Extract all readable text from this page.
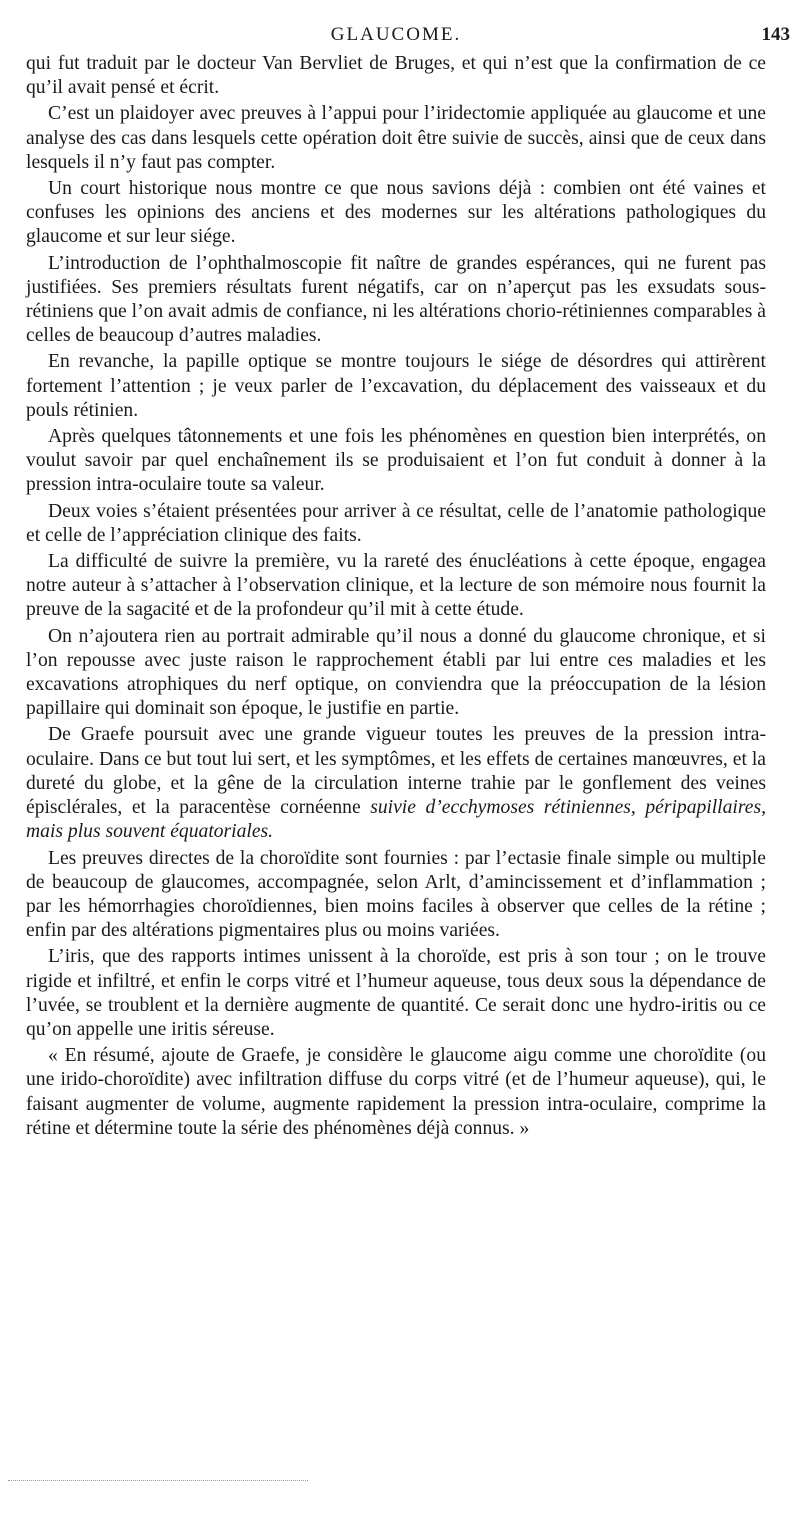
GLAUCOME.	143

qui fut traduit par le docteur Van Bervliet de Bruges, et qui n’est que la confirmation de ce qu’il avait pensé et écrit.

C’est un plaidoyer avec preuves à l’appui pour l’iridectomie appliquée au glaucome et une analyse des cas dans lesquels cette opération doit être suivie de succès, ainsi que de ceux dans lesquels il n’y faut pas compter.

Un court historique nous montre ce que nous savions déjà : combien ont été vaines et confuses les opinions des anciens et des modernes sur les altérations pathologiques du glaucome et sur leur siége.

L’introduction de l’ophthalmoscopie fit naître de grandes espérances, qui ne furent pas justifiées. Ses premiers résultats furent négatifs, car on n’aperçut pas les exsudats sous-rétiniens que l’on avait admis de confiance, ni les altérations chorio-rétiniennes comparables à celles de beaucoup d’autres maladies.

En revanche, la papille optique se montre toujours le siége de désordres qui attirèrent fortement l’attention ; je veux parler de l’excavation, du déplacement des vaisseaux et du pouls rétinien.

Après quelques tâtonnements et une fois les phénomènes en question bien interprétés, on voulut savoir par quel enchaînement ils se produisaient et l’on fut conduit à donner à la pression intra-oculaire toute sa valeur.

Deux voies s’étaient présentées pour arriver à ce résultat, celle de l’anatomie pathologique et celle de l’appréciation clinique des faits.

La difficulté de suivre la première, vu la rareté des énucléations à cette époque, engagea notre auteur à s’attacher à l’observation clinique, et la lecture de son mémoire nous fournit la preuve de la sagacité et de la profondeur qu’il mit à cette étude.

On n’ajoutera rien au portrait admirable qu’il nous a donné du glaucome chronique, et si l’on repousse avec juste raison le rapprochement établi par lui entre ces maladies et les excavations atrophiques du nerf optique, on conviendra que la préoccupation de la lésion papillaire qui dominait son époque, le justifie en partie.

De Graefe poursuit avec une grande vigueur toutes les preuves de la pression intra-oculaire. Dans ce but tout lui sert, et les symptômes, et les effets de certaines manœuvres, et la dureté du globe, et la gêne de la circulation interne trahie par le gonflement des veines épisclérales, et la paracentèse cornéenne suivie d’ecchymoses rétiniennes, péripapillaires, mais plus souvent équatoriales.

Les preuves directes de la choroïdite sont fournies : par l’ectasie finale simple ou multiple de beaucoup de glaucomes, accompagnée, selon Arlt, d’amincissement et d’inflammation ; par les hémorrhagies choroïdiennes, bien moins faciles à observer que celles de la rétine ; enfin par des altérations pigmentaires plus ou moins variées.

L’iris, que des rapports intimes unissent à la choroïde, est pris à son tour ; on le trouve rigide et infiltré, et enfin le corps vitré et l’humeur aqueuse, tous deux sous la dépendance de l’uvée, se troublent et la dernière augmente de quantité. Ce serait donc une hydro-iritis ou ce qu’on appelle une iritis séreuse.

« En résumé, ajoute de Graefe, je considère le glaucome aigu comme une choroïdite (ou une irido-choroïdite) avec infiltration diffuse du corps vitré (et de l’humeur aqueuse), qui, le faisant augmenter de volume, augmente rapidement la pression intra-oculaire, comprime la rétine et détermine toute la série des phénomènes déjà connus. »
